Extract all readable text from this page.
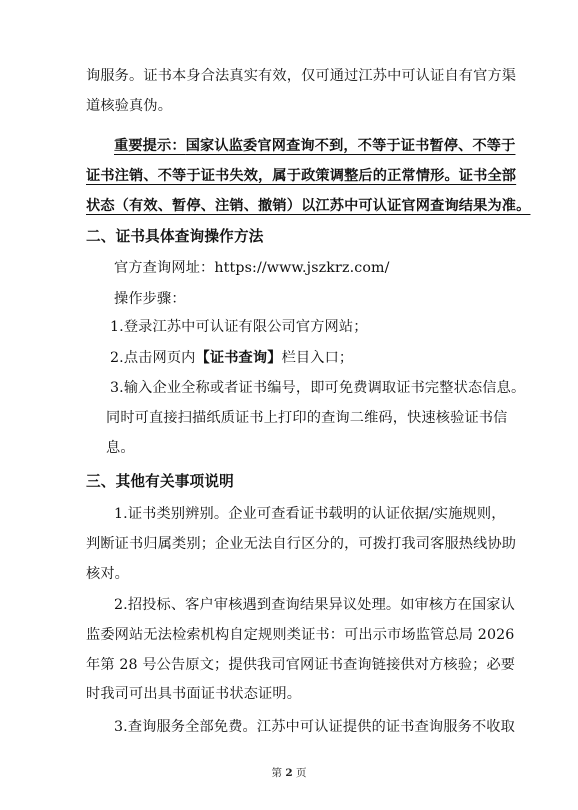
询服务。证书本身合法真实有效，仅可通过江苏中可认证自有官方渠
道核验真伪。

重要提示：国家认监委官网查询不到，不等于证书暂停、不等于
证书注销、不等于证书失效，属于政策调整后的正常情形。证书全部
状态（有效、暂停、注销、撤销）以江苏中可认证官网查询结果为准。

二、证书具体查询操作方法

官方查询网址：https://www.jszkrz.com/

操作步骤：

1.登录江苏中可认证有限公司官方网站；

2.点击网页内【证书查询】栏目入口；

3.输入企业全称或者证书编号，即可免费调取证书完整状态信息。
同时可直接扫描纸质证书上打印的查询二维码，快速核验证书信
息。

三、其他有关事项说明

1.证书类别辨别。企业可查看证书载明的认证依据/实施规则，
判断证书归属类别；企业无法自行区分的，可拨打我司客服热线协助
核对。

2.招投标、客户审核遇到查询结果异议处理。如审核方在国家认
监委网站无法检索机构自定规则类证书：可出示市场监管总局 2026
年第 28 号公告原文；提供我司官网证书查询链接供对方核验；必要
时我司可出具书面证书状态证明。

3.查询服务全部免费。江苏中可认证提供的证书查询服务不收取

第 2 页
